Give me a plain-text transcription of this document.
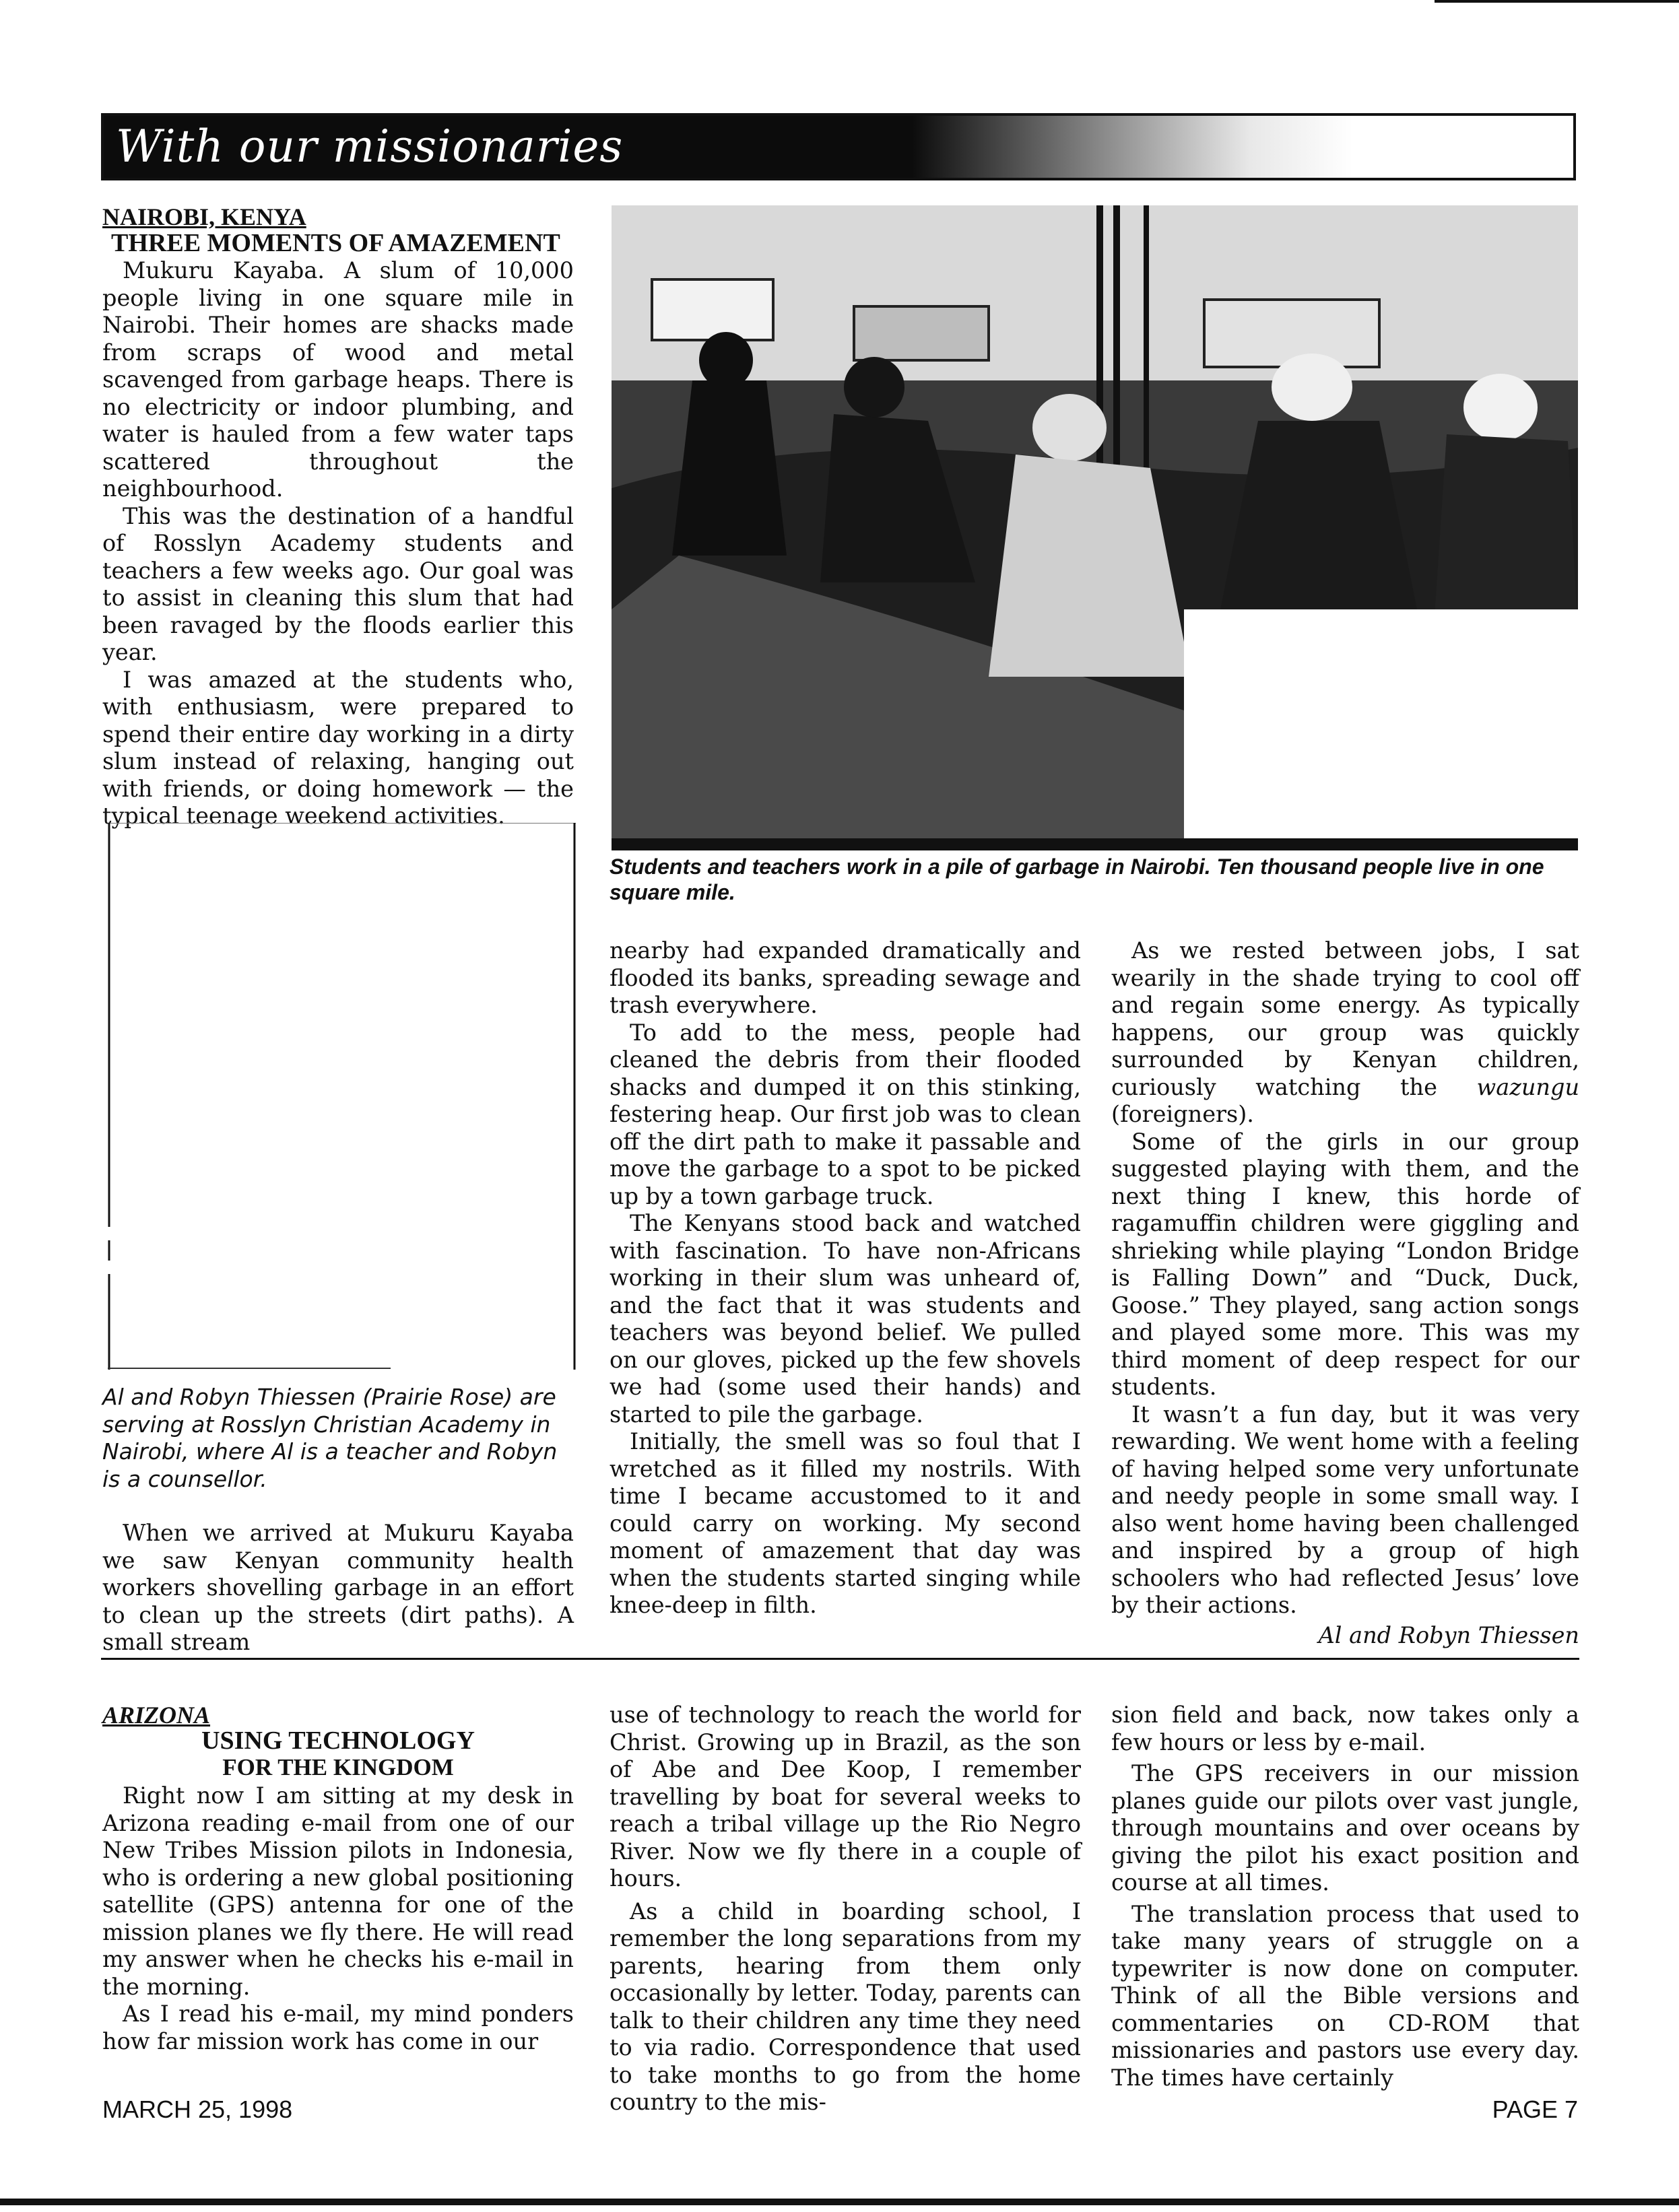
With our missionaries
NAIROBI, KENYA
THREE MOMENTS OF AMAZEMENT

Mukuru Kayaba. A slum of 10,000 people living in one square mile in Nairobi. Their homes are shacks made from scraps of wood and metal scavenged from garbage heaps. There is no electricity or indoor plumbing, and water is hauled from a few water taps scattered throughout the neighbourhood.

This was the destination of a handful of Rosslyn Academy students and teachers a few weeks ago. Our goal was to assist in cleaning this slum that had been ravaged by the floods earlier this year.

I was amazed at the students who, with enthusiasm, were prepared to spend their entire day working in a dirty slum instead of relaxing, hanging out with friends, or doing homework — the typical teenage weekend activities.

Students and teachers work in a pile of garbage in Nairobi. Ten thousand people live in one square mile.
Al and Robyn Thiessen (Prairie Rose) are serving at Rosslyn Christian Academy in Nairobi, where Al is a teacher and Robyn is a counsellor.

When we arrived at Mukuru Kayaba we saw Kenyan community health workers shovelling garbage in an effort to clean up the streets (dirt paths). A small stream

nearby had expanded dramatically and flooded its banks, spreading sewage and trash everywhere.

To add to the mess, people had cleaned the debris from their flooded shacks and dumped it on this stinking, festering heap. Our first job was to clean off the dirt path to make it passable and move the garbage to a spot to be picked up by a town garbage truck.

The Kenyans stood back and watched with fascination. To have non-Africans working in their slum was unheard of, and the fact that it was students and teachers was beyond belief. We pulled on our gloves, picked up the few shovels we had (some used their hands) and started to pile the garbage.

Initially, the smell was so foul that I wretched as it filled my nostrils. With time I became accustomed to it and could carry on working. My second moment of amazement that day was when the students started singing while knee-deep in filth.

As we rested between jobs, I sat wearily in the shade trying to cool off and regain some energy. As typically happens, our group was quickly surrounded by Kenyan children, curiously watching the wazungu (foreigners).

Some of the girls in our group suggested playing with them, and the next thing I knew, this horde of ragamuffin children were giggling and shrieking while playing “London Bridge is Falling Down” and “Duck, Duck, Goose.” They played, sang action songs and played some more. This was my third moment of deep respect for our students.

It wasn’t a fun day, but it was very rewarding. We went home with a feeling of having helped some very unfortunate and needy people in some small way. I also went home having been challenged and inspired by a group of high schoolers who had reflected Jesus’ love by their actions.

Al and Robyn Thiessen
ARIZONA
USING TECHNOLOGY
FOR THE KINGDOM

Right now I am sitting at my desk in Arizona reading e-mail from one of our New Tribes Mission pilots in Indonesia, who is ordering a new global positioning satellite (GPS) antenna for one of the mission planes we fly there. He will read my answer when he checks his e-mail in the morning.

As I read his e-mail, my mind ponders how far mission work has come in our

use of technology to reach the world for Christ. Growing up in Brazil, as the son of Abe and Dee Koop, I remember travelling by boat for several weeks to reach a tribal village up the Rio Negro River. Now we fly there in a couple of hours.

As a child in boarding school, I remember the long separations from my parents, hearing from them only occasionally by letter. Today, parents can talk to their children any time they need to via radio. Correspondence that used to take months to go from the home country to the mis-

sion field and back, now takes only a few hours or less by e-mail.

The GPS receivers in our mission planes guide our pilots over vast jungle, through mountains and over oceans by giving the pilot his exact position and course at all times.

The translation process that used to take many years of struggle on a typewriter is now done on computer. Think of all the Bible versions and commentaries on CD-ROM that missionaries and pastors use every day. The times have certainly

MARCH 25, 1998	PAGE 7
